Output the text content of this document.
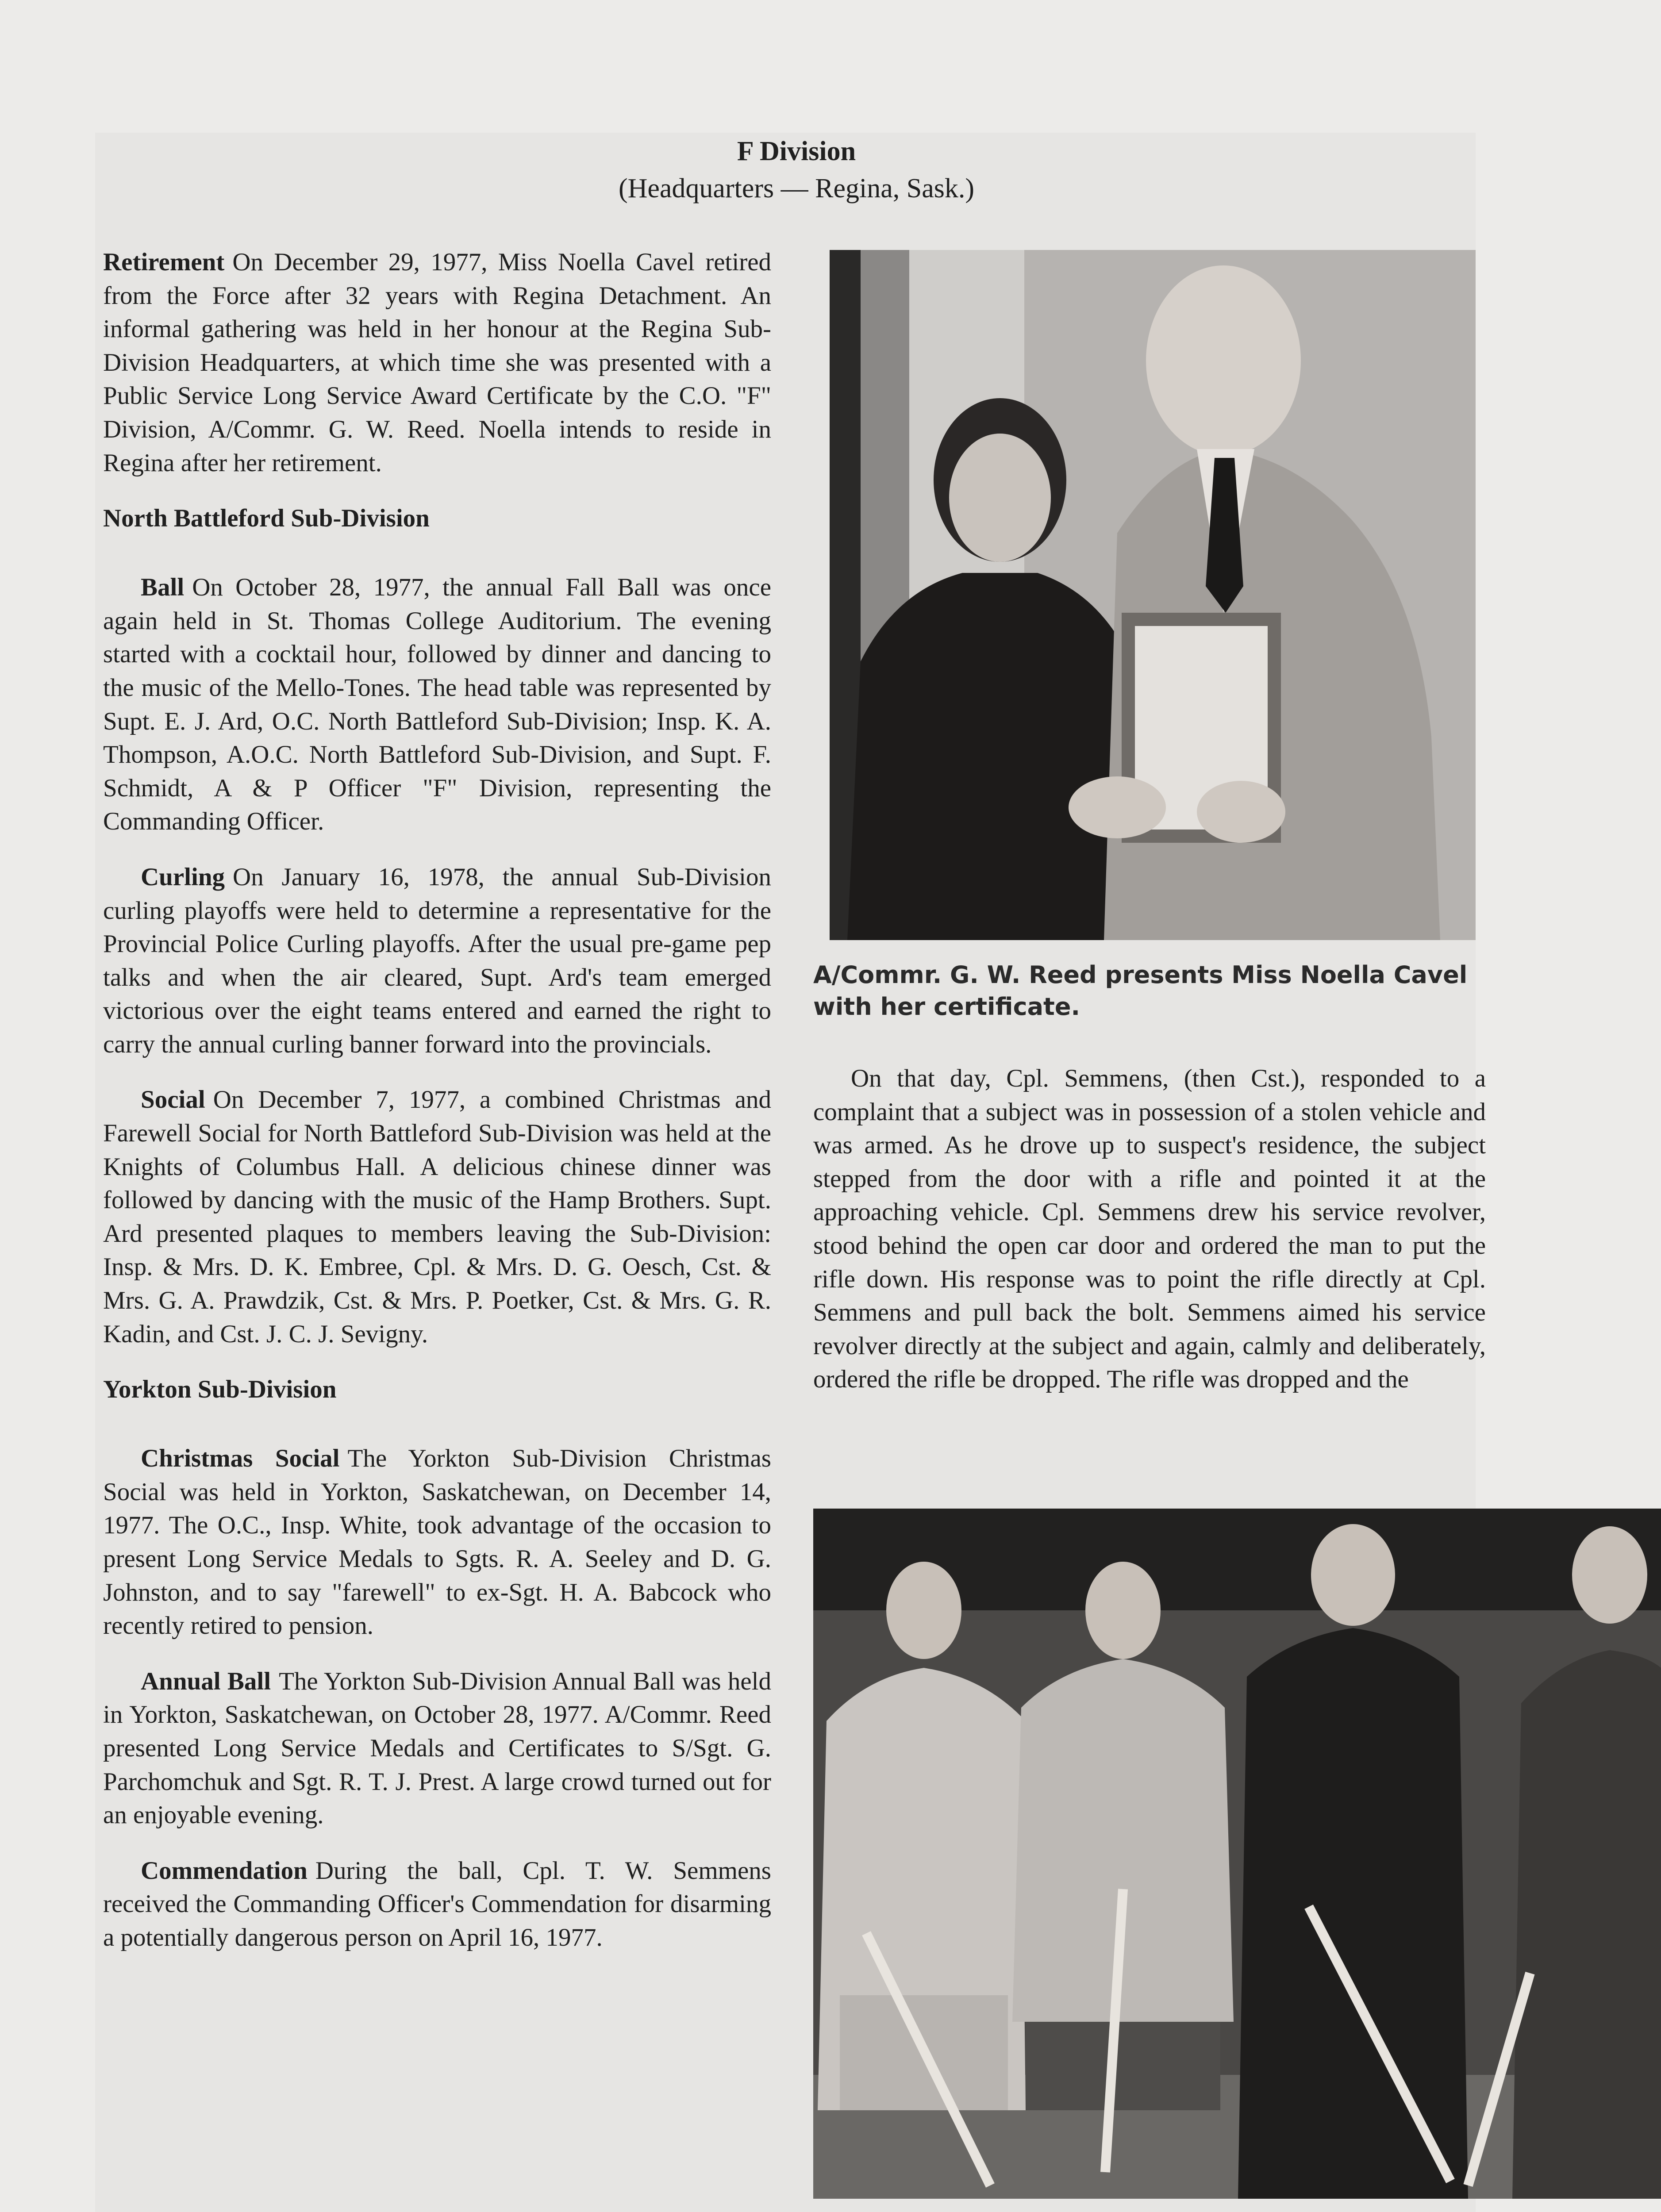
F Division
(Headquarters — Regina, Sask.)

Retirement On December 29, 1977, Miss Noella Cavel retired from the Force after 32 years with Regina Detachment. An informal gathering was held in her honour at the Regina Sub-Division Headquarters, at which time she was presented with a Public Service Long Service Award Certificate by the C.O. "F" Division, A/Commr. G. W. Reed. Noella intends to reside in Regina after her retirement.

North Battleford Sub-Division

Ball On October 28, 1977, the annual Fall Ball was once again held in St. Thomas College Auditorium. The evening started with a cocktail hour, followed by dinner and dancing to the music of the Mello-Tones. The head table was represented by Supt. E. J. Ard, O.C. North Battleford Sub-Division; Insp. K. A. Thompson, A.O.C. North Battleford Sub-Division, and Supt. F. Schmidt, A & P Officer "F" Division, representing the Commanding Officer.

Curling On January 16, 1978, the annual Sub-Division curling playoffs were held to determine a representative for the Provincial Police Curling playoffs. After the usual pre-game pep talks and when the air cleared, Supt. Ard's team emerged victorious over the eight teams entered and earned the right to carry the annual curling banner forward into the provincials.

Social On December 7, 1977, a combined Christmas and Farewell Social for North Battleford Sub-Division was held at the Knights of Columbus Hall. A delicious chinese dinner was followed by dancing with the music of the Hamp Brothers. Supt. Ard presented plaques to members leaving the Sub-Division: Insp. & Mrs. D. K. Embree, Cpl. & Mrs. D. G. Oesch, Cst. & Mrs. G. A. Prawdzik, Cst. & Mrs. P. Poetker, Cst. & Mrs. G. R. Kadin, and Cst. J. C. J. Sevigny.

Yorkton Sub-Division

Christmas Social The Yorkton Sub-Division Christmas Social was held in Yorkton, Saskatchewan, on December 14, 1977. The O.C., Insp. White, took advantage of the occasion to present Long Service Medals to Sgts. R. A. Seeley and D. G. Johnston, and to say "farewell" to ex-Sgt. H. A. Babcock who recently retired to pension.

Annual Ball The Yorkton Sub-Division Annual Ball was held in Yorkton, Saskatchewan, on October 28, 1977. A/Commr. Reed presented Long Service Medals and Certificates to S/Sgt. G. Parchomchuk and Sgt. R. T. J. Prest. A large crowd turned out for an enjoyable evening.

Commendation During the ball, Cpl. T. W. Semmens received the Commanding Officer's Commendation for disarming a potentially dangerous person on April 16, 1977.

A/Commr. G. W. Reed presents Miss Noella Cavel with her certificate.

On that day, Cpl. Semmens, (then Cst.), responded to a complaint that a subject was in possession of a stolen vehicle and was armed. As he drove up to suspect's residence, the subject stepped from the door with a rifle and pointed it at the approaching vehicle. Cpl. Semmens drew his service revolver, stood behind the open car door and ordered the man to put the rifle down. His response was to point the rifle directly at Cpl. Semmens and pull back the bolt. Semmens aimed his service revolver directly at the subject and again, calmly and deliberately, ordered the rifle be dropped. The rifle was dropped and the
